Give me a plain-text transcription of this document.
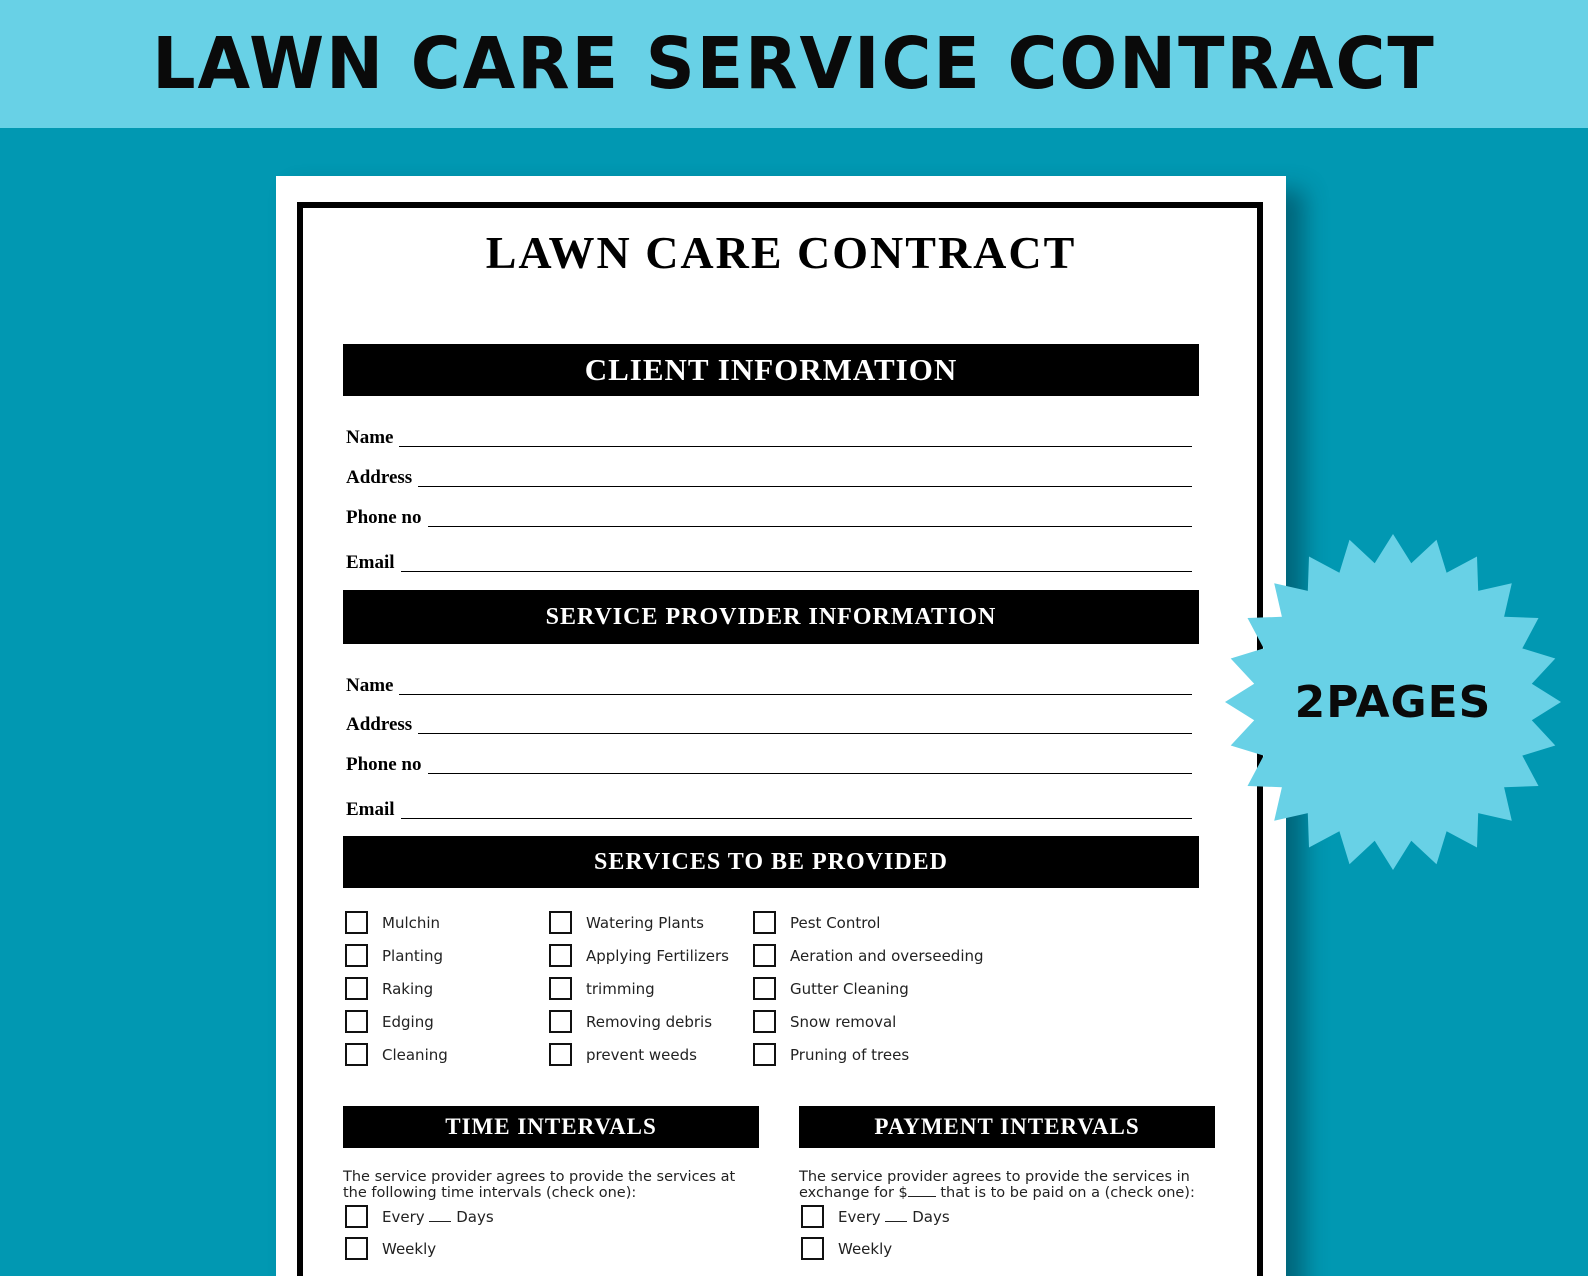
LAWN CARE SERVICE CONTRACT
LAWN CARE CONTRACT
CLIENT INFORMATION
Name
Address
Phone no
Email
SERVICE PROVIDER INFORMATION
Name
Address
Phone no
Email
SERVICES TO BE PROVIDED
Mulchin
Planting
Raking
Edging
Cleaning
Watering Plants
Applying Fertilizers
trimming
Removing debris
prevent weeds
Pest Control
Aeration and overseeding
Gutter Cleaning
Snow removal
Pruning of trees
TIME INTERVALS
The service provider agrees to provide the services at the following time intervals (check one):
Every Days
Weekly
PAYMENT INTERVALS
The service provider agrees to provide the services in exchange for $ that is to be paid on a (check one):
Every Days
Weekly
2PAGES
